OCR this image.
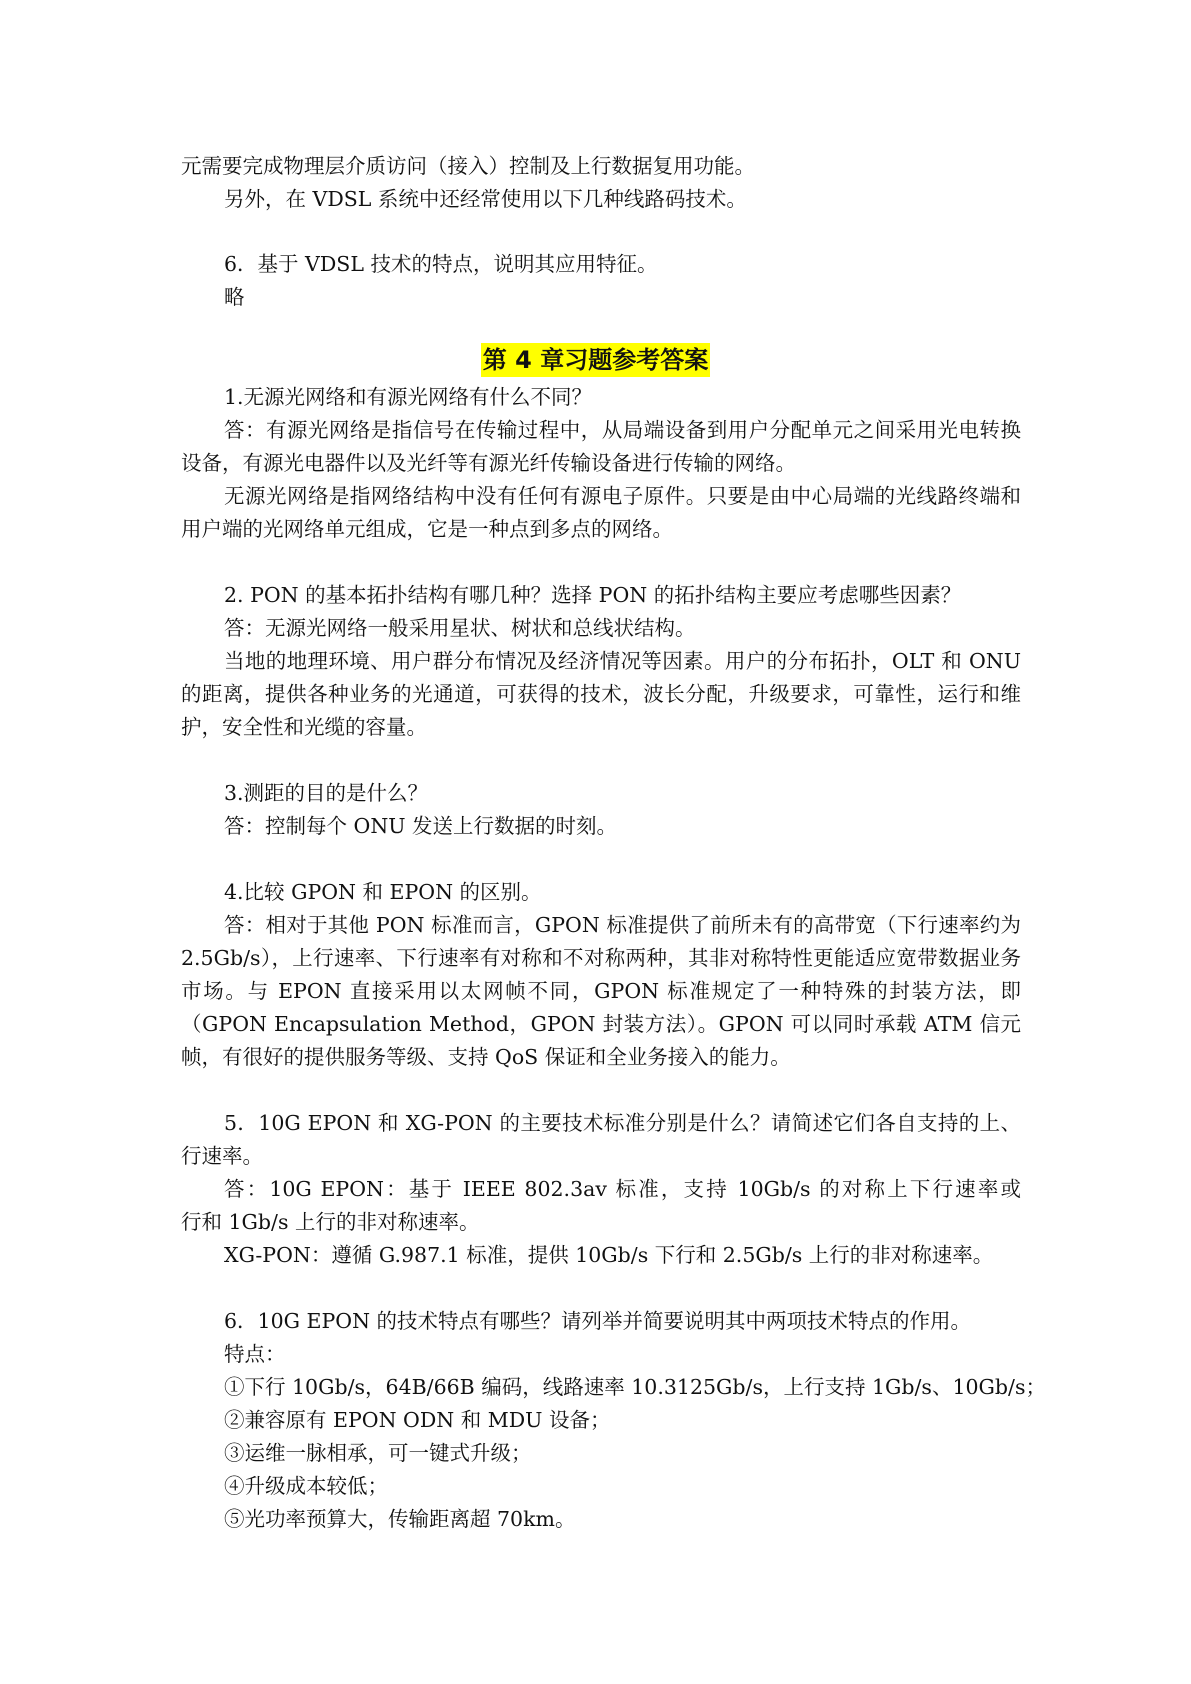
元需要完成物理层介质访问（接入）控制及上行数据复用功能。
另外，在 VDSL 系统中还经常使用以下几种线路码技术。
6．基于 VDSL 技术的特点，说明其应用特征。
略
第 4 章习题参考答案
1.无源光网络和有源光网络有什么不同？
答：有源光网络是指信号在传输过程中，从局端设备到用户分配单元之间采用光电转换
设备，有源光电器件以及光纤等有源光纤传输设备进行传输的网络。
无源光网络是指网络结构中没有任何有源电子原件。只要是由中心局端的光线路终端和
用户端的光网络单元组成，它是一种点到多点的网络。
2. PON 的基本拓扑结构有哪几种？选择 PON 的拓扑结构主要应考虑哪些因素？
答：无源光网络一般采用星状、树状和总线状结构。
当地的地理环境、用户群分布情况及经济情况等因素。用户的分布拓扑，OLT 和 ONU
的距离，提供各种业务的光通道，可获得的技术，波长分配，升级要求，可靠性，运行和维
护，安全性和光缆的容量。
3.测距的目的是什么？
答：控制每个 ONU 发送上行数据的时刻。
4.比较 GPON 和 EPON 的区别。
答：相对于其他 PON 标准而言，GPON 标准提供了前所未有的高带宽（下行速率约为
2.5Gb/s），上行速率、下行速率有对称和不对称两种，其非对称特性更能适应宽带数据业务
市场。与 EPON 直接采用以太网帧不同，GPON 标准规定了一种特殊的封装方法，即
（GPON Encapsulation Method，GPON 封装方法）。GPON 可以同时承载 ATM 信元
帧，有很好的提供服务等级、支持 QoS 保证和全业务接入的能力。
5．10G EPON 和 XG-PON 的主要技术标准分别是什么？请简述它们各自支持的上、
行速率。
答：10G EPON：基于 IEEE 802.3av 标准，支持 10Gb/s 的对称上下行速率或
行和 1Gb/s 上行的非对称速率。
XG-PON：遵循 G.987.1 标准，提供 10Gb/s 下行和 2.5Gb/s 上行的非对称速率。
6．10G EPON 的技术特点有哪些？请列举并简要说明其中两项技术特点的作用。
特点：
①下行 10Gb/s，64B/66B 编码，线路速率 10.3125Gb/s，上行支持 1Gb/s、10Gb/s；
②兼容原有 EPON ODN 和 MDU 设备；
③运维一脉相承，可一键式升级；
④升级成本较低；
⑤光功率预算大，传输距离超 70km。
